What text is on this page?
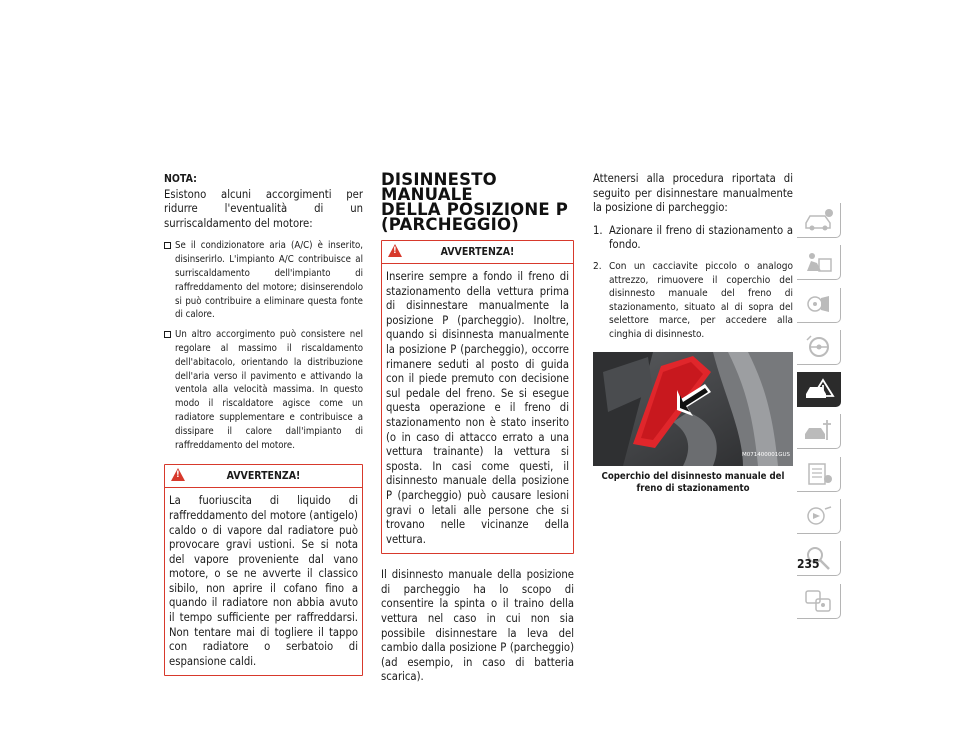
NOTA:
Esistono alcuni accorgimenti per ridurre l'eventualità di un surriscaldamento del motore:
Se il condizionatore aria (A/C) è inserito, disinserirlo. L'impianto A/C contribuisce al surriscaldamento dell'impianto di raffreddamento del motore; disinserendolo si può contribuire a eliminare questa fonte di calore.
Un altro accorgimento può consistere nel regolare al massimo il riscaldamento dell'abitacolo, orientando la distribuzione dell'aria verso il pavimento e attivando la ventola alla velocità massima. In questo modo il riscaldatore agisce come un radiatore supplementare e contribuisce a dissipare il calore dall'impianto di raffreddamento del motore.
!	AVVERTENZA!
La fuoriuscita di liquido di raffreddamento del motore (antigelo) caldo o di vapore dal radiatore può provocare gravi ustioni. Se si nota del vapore proveniente dal vano motore, o se ne avverte il classico sibilo, non aprire il cofano fino a quando il radiatore non abbia avuto il tempo sufficiente per raffreddarsi. Non tentare mai di togliere il tappo con radiatore o serbatoio di espansione caldi.
DISINNESTO MANUALE
DELLA POSIZIONE P
(PARCHEGGIO)
!	AVVERTENZA!
Inserire sempre a fondo il freno di stazionamento della vettura prima di disinnestare manualmente la posizione P (parcheggio). Inoltre, quando si disinnesta manualmente la posizione P (parcheggio), occorre rimanere seduti al posto di guida con il piede premuto con decisione sul pedale del freno. Se si esegue questa operazione e il freno di stazionamento non è stato inserito (o in caso di attacco errato a una vettura trainante) la vettura si sposta. In casi come questi, il disinnesto manuale della posizione P (parcheggio) può causare lesioni gravi o letali alle persone che si trovano nelle vicinanze della vettura.
Il disinnesto manuale della posizione di parcheggio ha lo scopo di consentire la spinta o il traino della vettura nel caso in cui non sia possibile disinnestare la leva del cambio dalla posizione P (parcheggio) (ad esempio, in caso di batteria scarica).
Attenersi alla procedura riportata di seguito per disinnestare manualmente la posizione di parcheggio:
1. Azionare il freno di stazionamento a fondo.
2. Con un cacciavite piccolo o analogo attrezzo, rimuovere il coperchio del disinnesto manuale del freno di stazionamento, situato al di sopra del selettore marce, per accedere alla cinghia di disinnesto.
M071400001GUS
Coperchio del disinnesto manuale del freno di stazionamento
235
